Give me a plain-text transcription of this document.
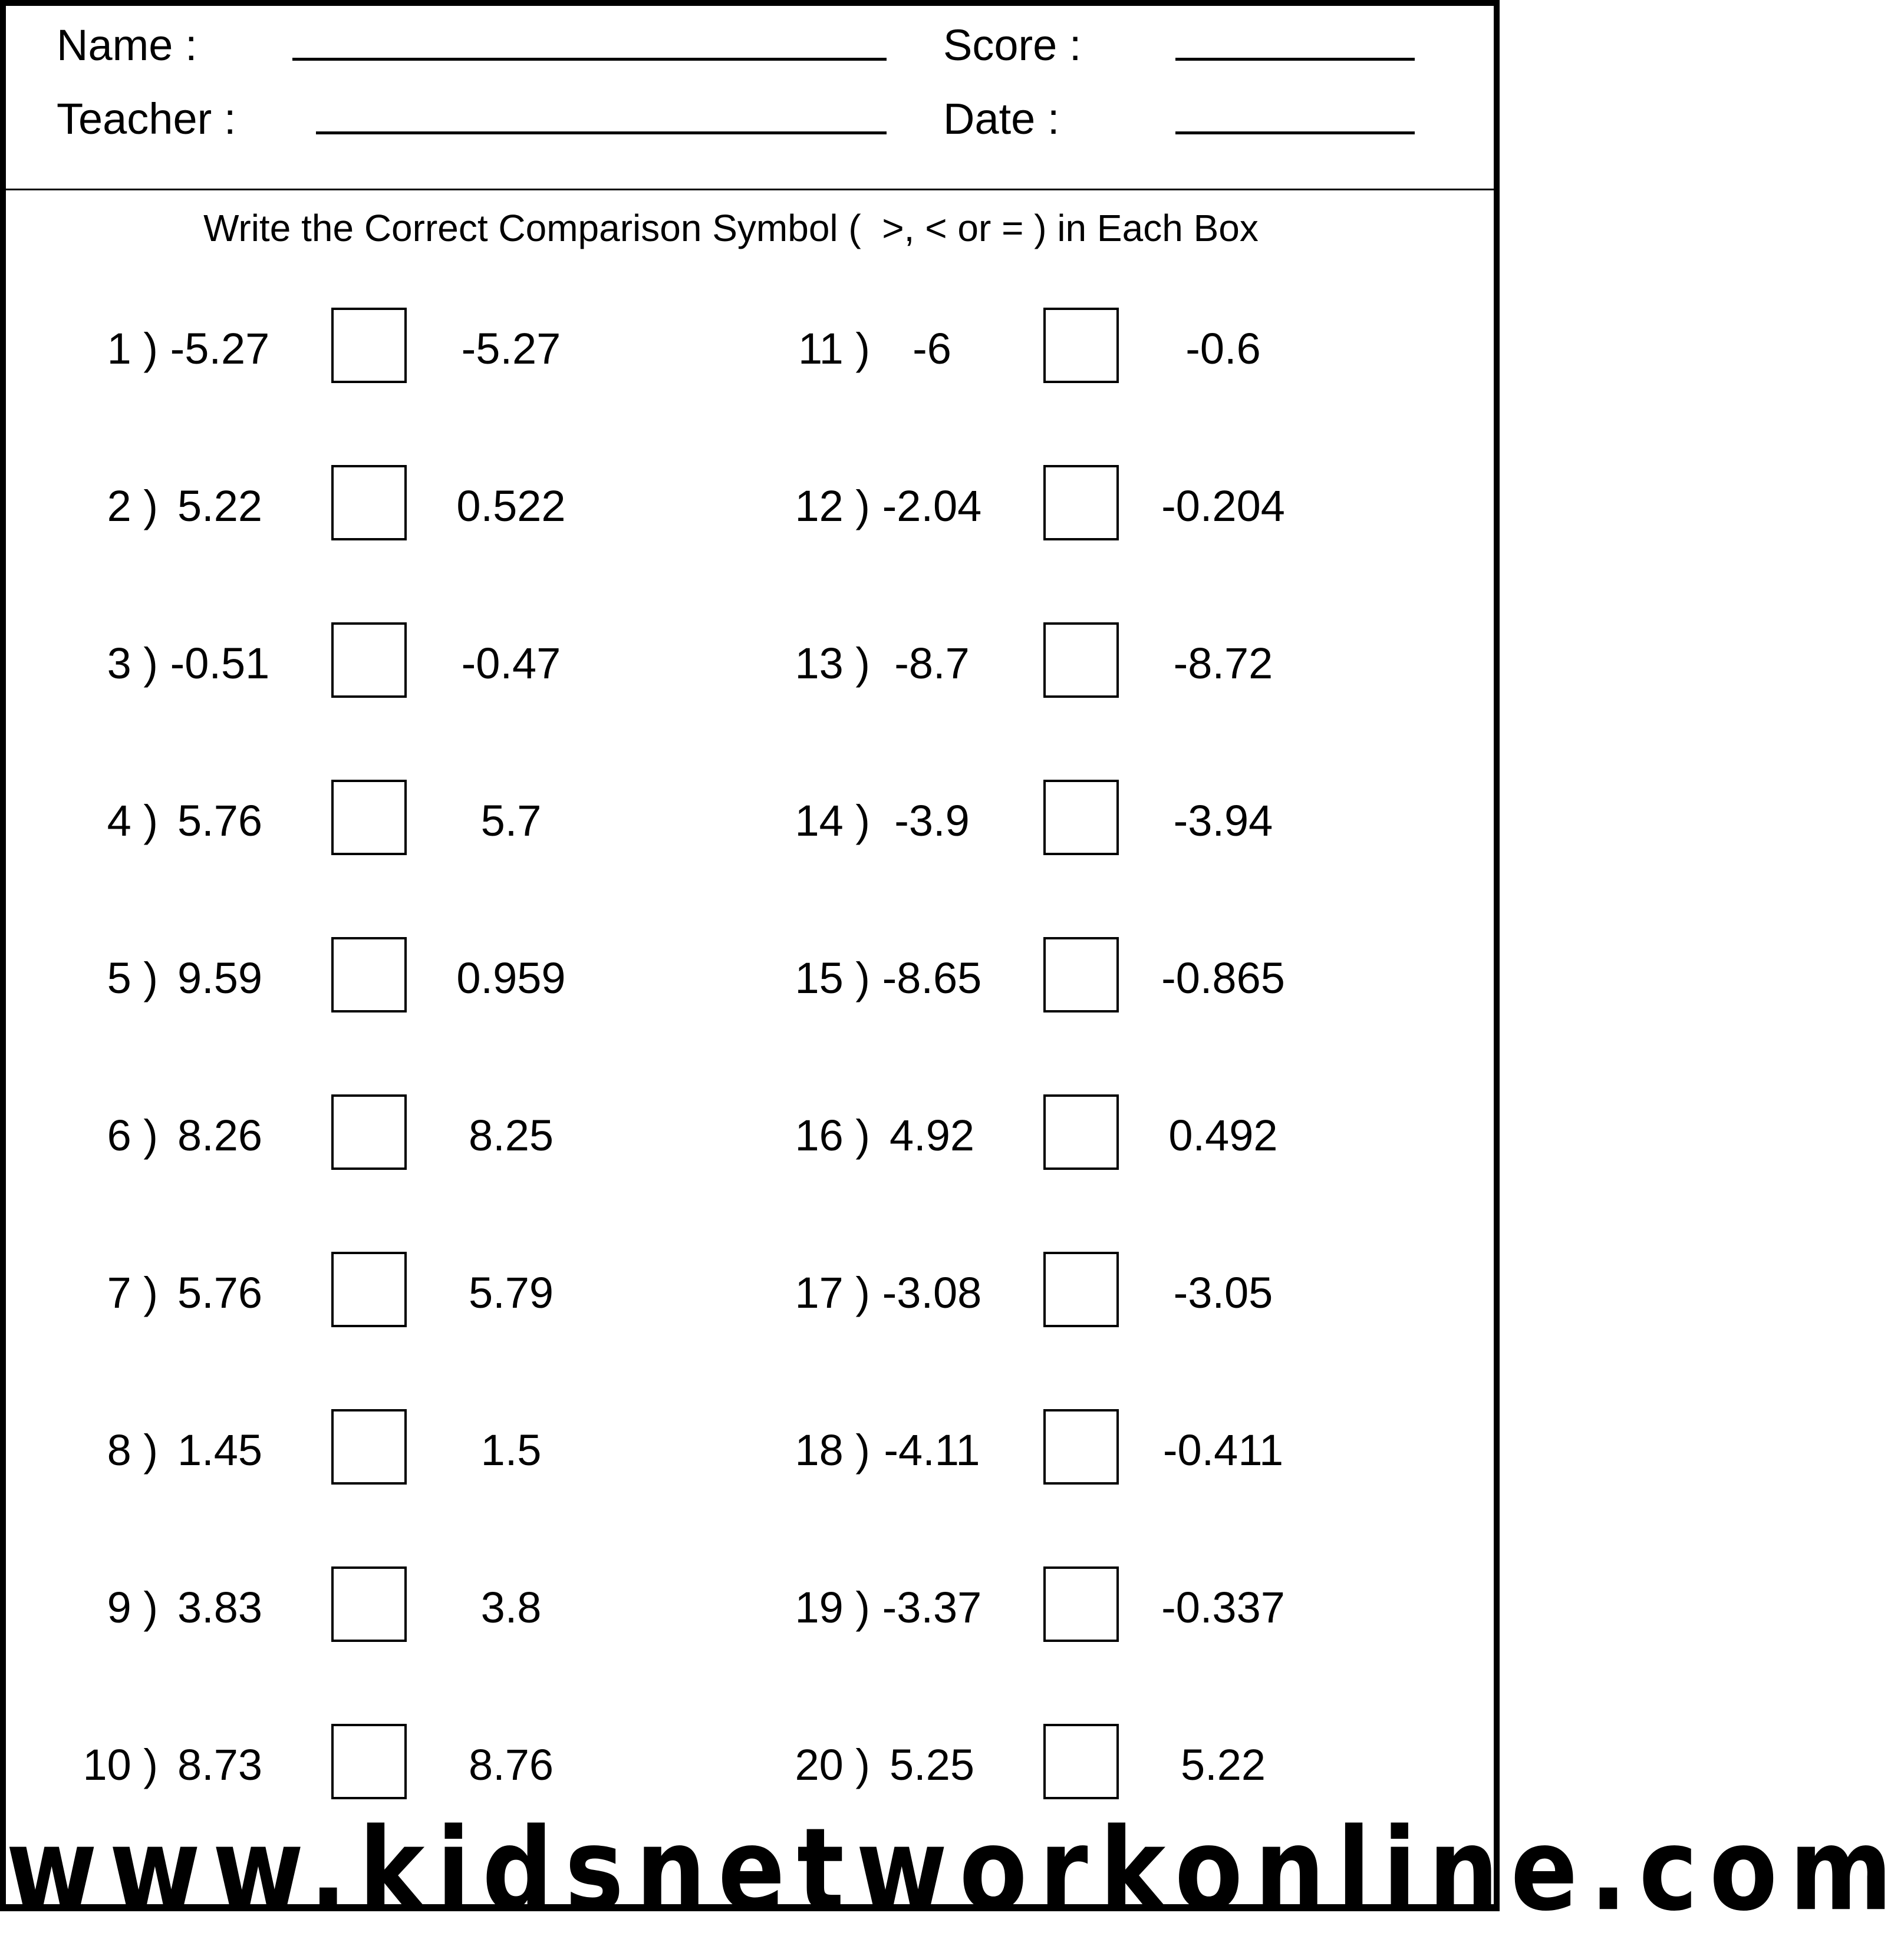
Name :
Teacher :
Score :
Date :
Write the Correct Comparison Symbol (  >, < or = ) in Each Box
1 ) -5.27	-5.27
2 ) 5.22	0.522
3 ) -0.51	-0.47
4 ) 5.76	5.7
5 ) 9.59	0.959
6 ) 8.26	8.25
7 ) 5.76	5.79
8 ) 1.45	1.5
9 ) 3.83	3.8
10 ) 8.73	8.76
11 ) -6	-0.6
12 ) -2.04	-0.204
13 ) -8.7	-8.72
14 ) -3.9	-3.94
15 ) -8.65	-0.865
16 ) 4.92	0.492
17 ) -3.08	-3.05
18 ) -4.11	-0.411
19 ) -3.37	-0.337
20 ) 5.25	5.22
www.kidsnetworkonline.com
